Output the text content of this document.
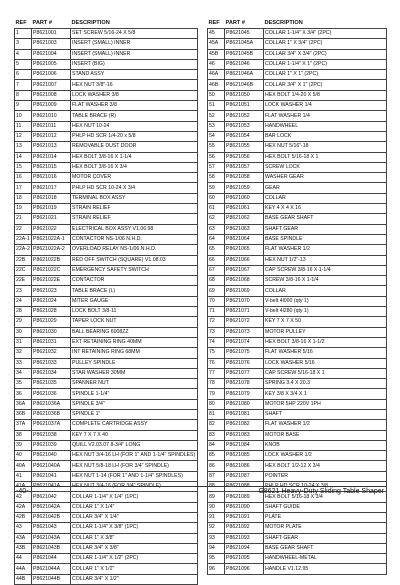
REF	PART #	DESCRIPTION
1	P8621001	SET SCREW 5/16-24 X 5/8
3	P8621003	INSERT (SMALL) INNER
4	P8621004	INSERT (SMALL) INNER
5	P8621005	INSERT (BIG)
6	P8621006	STAND ASSY
7	P8621007	HEX NUT 3/8"-16
8	P8621008	LOCK WASHER 3/8
9	P8621009	FLAT WASHER 3/8
10	P8621010	TABLE BRACE (R)
11	P8621011	HEX NUT 10-24
12	P8621012	PHLP HD SCR 1/4-20 x 5/8
13	P8621013	REMOVABLE DUST DOOR
14	P8621014	HEX BOLT 3/8-16 X 1-1/4
15	P8621015	HEX BOLT 3/8-16 X 3/4
16	P8621016	MOTOR COVER
17	P8621017	PHLP HD SCR 10-24 X 3/4
18	P8621018	TERMINAL BOX ASSY
19	P8621019	STRAIN RELIEF
21	P8621021	STRAIN RELIEF
22	P8621022	ELECTRICAL BOX ASSY V1.06.98
22A-1	P8621022A-1	CONTACTOR NS-1/06 N.H.D.
22A-2	P8621022A-2	OVERLOAD RELAY NS-1/06 N.H.D.
22B	P8621022B	RED OFF SWITCH (SQUARE) V1.08.03
22C	P8621022C	EMERGENCY SAFETY SWITCH
22E	P8621022E	CONTACTOR
23	P8621023	TABLE BRACE (L)
24	P8621024	MITER GAUGE
28	P8621028	LOCK BOLT 3/8-11
29	P8621029	TAPER LOCK NUT
30	P8621030	BALL BEARING 6008ZZ
31	P8621031	EXT RETAINING RING 40MM
32	P8621032	INT RETAINING RING 68MM
33	P8621033	PULLEY SPINDLE
34	P8621034	STAR WASHER 30MM
35	P8621035	SPANNER NUT
36	P8621036	SPINDLE 1-1/4"
36A	P8621036A	SPINDLE 3/4"
36B	P8621036B	SPINDLE 1"
37A	P8621037A	COMPLETE CARTRIDGE ASSY
38	P8621038	KEY 7 X 7 X 40
39	P8621039	QUILL V2.03.07 8-3/4" LONG
40	P8621040	HEX NUT 3/4-16 LH (FOR 1" AND 1-1/4" SPINDLES)
40A	P8621040A	HEX NUT 5/8-18 LH (FOR 3/4" SPINDLE)
41	P8621041	HEX NUT 1-14 (FOR 1" AND 1-1/4" SPINDLES)
41A	P8621041A	HEX NUT 3/4-16 (FOR 3/4" SPINDLE)
42	P8621042	COLLAR 1-1/4" X 1/4" (1PC)
42A	P8621042A	COLLAR 1" X 1/4"
42B	P8621042B	COLLAR 3/4" X 1/4"
43	P8621043	COLLAR 1-1/4" X 3/8" (1PC)
43A	P8621043A	COLLAR 1" X 3/8"
43B	P8621043B	COLLAR 3/4" X 3/8"
44	P8621044	COLLAR 1-1/4" X 1/2" (2PC)
44A	P8621044A	COLLAR 1" X 1/2"
44B	P8621044B	COLLAR 3/4" X 1/2"
REF	PART #	DESCRIPTION
45	P8621045	COLLAR 1-1/4" X 3/4" (2PC)
45A	P8621045A	COLLAR 1" X 3/4" (2PC)
45B	P8621045B	COLLAR 3/4" X 3/4" (2PC)
46	P8621046	COLLAR 1-1/4" X 1" (2PC)
46A	P8621046A	COLLAR 1" X 1" (2PC)
46B	P8621046B	COLLAR 3/4" X 1" (2PC)
50	P8621050	HEX BOLT 1/4-20 X 5/8
51	P8621051	LOCK WASHER 1/4
52	P8621052	FLAT WASHER 1/4
53	P8621053	HANDWHEEL
54	P8621054	BAR LOCK
55	P8621055	HEX NUT 5/16"-18
56	P8621056	HEX BOLT 5/16-18 X 1
57	P8621057	SCREW LOCK
58	P8621058	WASHER GEAR
59	P8621059	GEAR
60	P8621060	COLLAR
61	P8621061	KEY 4 X 4 X 16
62	P8621062	BASE GEAR SHAFT
63	P8621063	SHAFT GEAR
64	P8621064	BASE SPINDLE
65	P8621065	FLAT WASHER 1/2
66	P8621066	HEX NUT 1/2"-13
67	P8621067	CAP SCREW 3/8-16 X 1-1/4
68	P8621068	SCREW 3/8-16 X 1-1/4
69	P8621069	COLLAR
70	P8621070	V-belt 4l000 (qty 1)
71	P8621071	V-belt 4l280 (qty 1)
72	P8621072	KEY 7 X 7 X 50
73	P8621073	MOTOR PULLEY
74	P8621074	HEX BOLT 3/8-16 X 1-1/2
75	P8621075	FLAT WASHER 5/16
76	P8621076	LOCK WASHER 5/16
77	P8621077	CAP SCREW 5/16-18 X 1
78	P8621078	SPRING 3.4 X 20.3
79	P8621079	KEY 3/8 X 3/4 X 1
80	P8621080	MOTOR 5HP 220V 1PH
81	P8621081	SHAFT
82	P8621082	FLAT WASHER 1/2
83	P8621083	MOTOR BASE
84	P8621084	KNOB
85	P8621085	LOCK WASHER 1/2
86	P8621086	HEX BOLT 1/2-12 X 3/4
87	P8621087	POINTER
88	P8621088	PHLP HD SCR 10-24 X 3/8
89	P8621089	HEX BOLT 5/16-18 X 3/4
90	P8621090	SHAFT GUIDE
91	P8621091	PLATE
92	P8621092	MOTOR PLATE
93	P8621093	SHAFT GEAR
94	P8621094	BASE GEAR SHAFT
95	P8621095	HANDWHEEL-METAL
96	P8621096	HANDLE V1.12.95
-40-	G8621 Heavy-Duty Sliding Table Shaper
